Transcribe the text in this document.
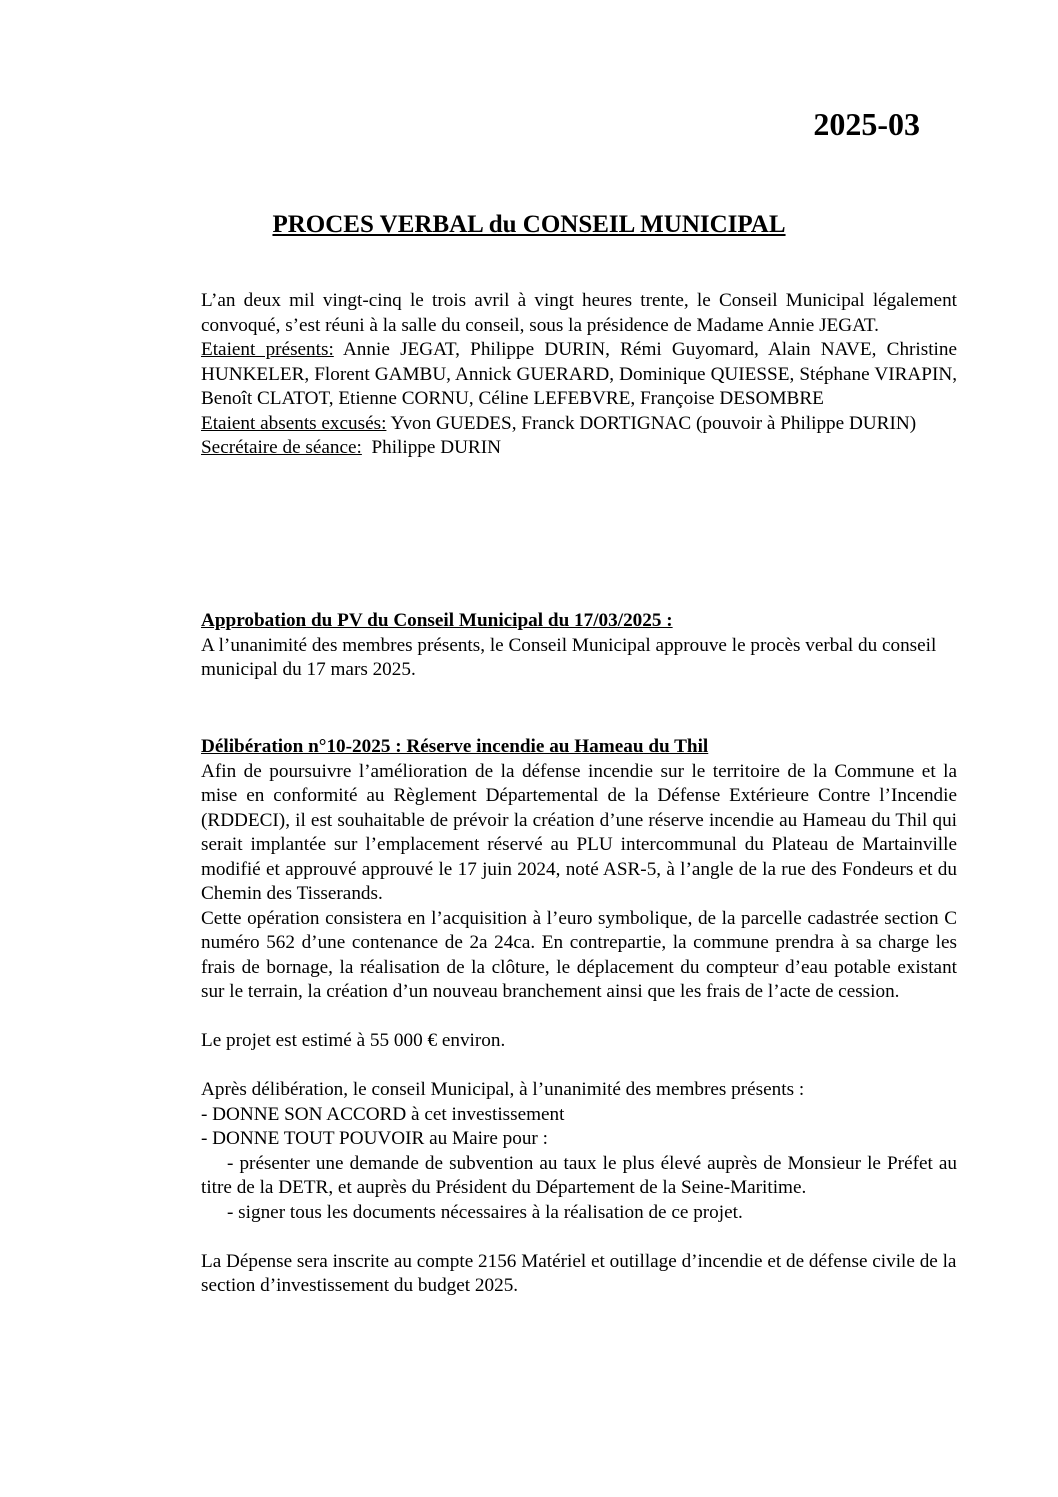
2025-03
PROCES VERBAL du CONSEIL MUNICIPAL

L’an deux mil vingt-cinq le trois avril à vingt heures trente, le Conseil Municipal légalement convoqué, s’est réuni à la salle du conseil, sous la présidence de Madame Annie JEGAT.

Etaient présents: Annie JEGAT, Philippe DURIN, Rémi Guyomard, Alain NAVE, Christine HUNKELER, Florent GAMBU, Annick GUERARD, Dominique QUIESSE, Stéphane VIRAPIN, Benoît CLATOT, Etienne CORNU, Céline LEFEBVRE, Françoise DESOMBRE

Etaient absents excusés: Yvon GUEDES, Franck DORTIGNAC (pouvoir à Philippe DURIN)

Secrétaire de séance:  Philippe DURIN

Approbation du PV du Conseil Municipal du 17/03/2025 :

A l’unanimité des membres présents, le Conseil Municipal approuve le procès verbal du conseil municipal du 17 mars 2025.

Délibération n°10-2025 : Réserve incendie au Hameau du Thil

Afin de poursuivre l’amélioration de la défense incendie sur le territoire de la Commune et la mise en conformité au Règlement Départemental de la Défense Extérieure Contre l’Incendie (RDDECI), il est souhaitable de prévoir la création d’une réserve incendie au Hameau du Thil qui serait implantée sur l’emplacement réservé au PLU intercommunal du Plateau de Martainville modifié et approuvé approuvé le 17 juin 2024, noté ASR-5, à l’angle de la rue des Fondeurs et du Chemin des Tisserands.

Cette opération consistera en l’acquisition à l’euro symbolique, de la parcelle cadastrée section C numéro 562 d’une contenance de 2a 24ca. En contrepartie, la commune prendra à sa charge les frais de bornage, la réalisation de la clôture, le déplacement du compteur d’eau potable existant sur le terrain, la création d’un nouveau branchement ainsi que les frais de l’acte de cession.

Le projet est estimé à 55 000 € environ.

Après délibération, le conseil Municipal, à l’unanimité des membres présents :

- DONNE SON ACCORD à cet investissement

- DONNE TOUT POUVOIR au Maire pour :

- présenter une demande de subvention au taux le plus élevé auprès de Monsieur le Préfet au titre de la DETR, et auprès du Président du Département de la Seine-Maritime.

- signer tous les documents nécessaires à la réalisation de ce projet.

La Dépense sera inscrite au compte 2156 Matériel et outillage d’incendie et de défense civile de la section d’investissement du budget 2025.
